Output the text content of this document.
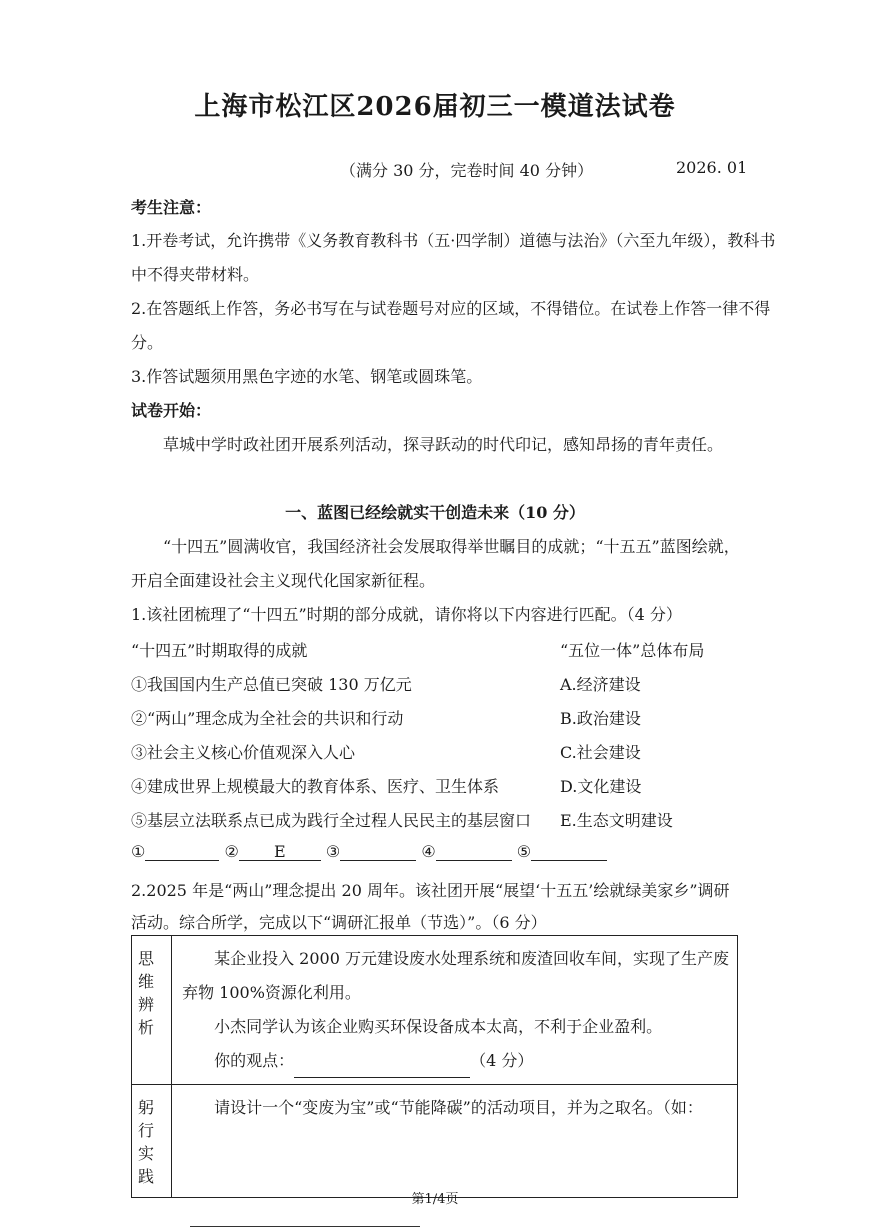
上海市松江区2026届初三一模道法试卷
（满分 30 分，完卷时间 40 分钟）	2026. 01
考生注意：
1.开卷考试，允许携带《义务教育教科书（五·四学制）道德与法治》（六至九年级），教科书
中不得夹带材料。
2.在答题纸上作答，务必书写在与试卷题号对应的区域，不得错位。在试卷上作答一律不得
分。
3.作答试题须用黑色字迹的水笔、钢笔或圆珠笔。
试卷开始：
草城中学时政社团开展系列活动，探寻跃动的时代印记，感知昂扬的青年责任。
一、蓝图已经绘就实干创造未来（10 分）
“十四五”圆满收官，我国经济社会发展取得举世瞩目的成就；“十五五”蓝图绘就，
开启全面建设社会主义现代化国家新征程。
1.该社团梳理了“十四五”时期的部分成就，请你将以下内容进行匹配。（4 分）
“十四五”时期取得的成就	“五位一体”总体布局
①我国国内生产总值已突破 130 万亿元	A.经济建设
②“两山”理念成为全社会的共识和行动	B.政治建设
③社会主义核心价值观深入人心	C.社会建设
④建成世界上规模最大的教育体系、医疗、卫生体系	D.文化建设
⑤基层立法联系点已成为践行全过程人民民主的基层窗口 E.生态文明建设
①	② E	③	④	⑤
2.2025 年是“两山”理念提出 20 周年。该社团开展“展望‘十五五’绘就绿美家乡”调研
活动。综合所学，完成以下“调研汇报单（节选）”。（6 分）
思维辨析	某企业投入 2000 万元建设废水处理系统和废渣回收车间，实现了生产废

弃物 100%资源化利用。

小杰同学认为该企业购买环保设备成本太高，不利于企业盈利。

你的观点： （4 分）

躬行实践	请设计一个“变废为宝”或“节能降碳”的活动项目，并为之取名。（如：

第1/4页
